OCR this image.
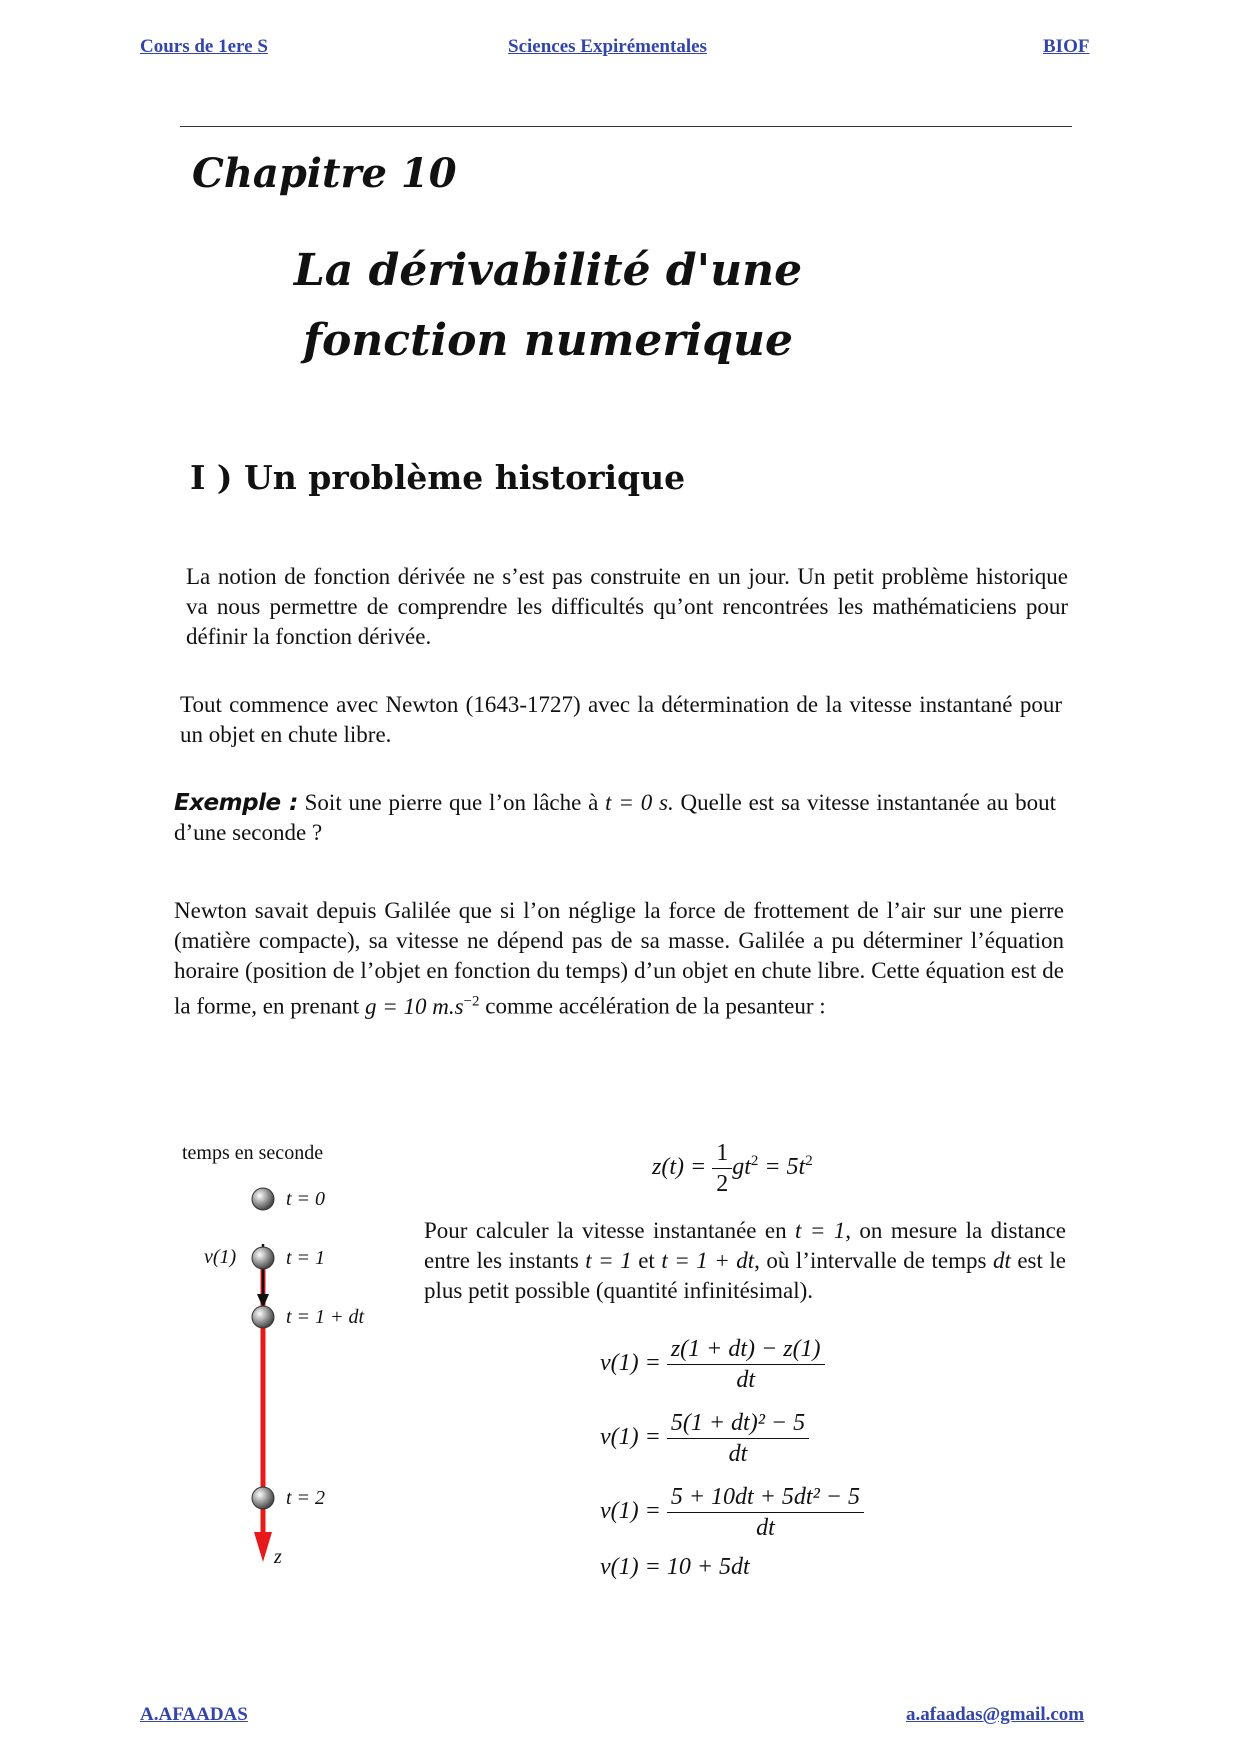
Cours de 1ere S	Sciences Expirémentales	BIOF
Chapitre 10
La dérivabilité d'une
fonction numerique
I ) Un problème historique
La notion de fonction dérivée ne s’est pas construite en un jour. Un petit problème historique va nous permettre de comprendre les difficultés qu’ont rencontrées les mathématiciens pour définir la fonction dérivée.
Tout commence avec Newton (1643-1727) avec la détermination de la vitesse instantané pour un objet en chute libre.
Exemple : Soit une pierre que l’on lâche à t = 0 s. Quelle est sa vitesse instantanée au bout d’une seconde ?
Newton savait depuis Galilée que si l’on néglige la force de frottement de l’air sur une pierre (matière compacte), sa vitesse ne dépend pas de sa masse. Galilée a pu déterminer l’équation horaire (position de l’objet en fonction du temps) d’un objet en chute libre. Cette équation est de la forme, en prenant g = 10 $m.s^{-2}$ comme accélération de la pesanteur :
temps en seconde
v(1)
t = 0
t = 1
t = 1 + dt
t = 2
z
$z(t) = \frac{1}{2} gt^2 = 5t^2$
Pour calculer la vitesse instantanée en t = 1, on mesure la distance entre les instants t = 1 et t = 1 + dt, où l’intervalle de temps dt est le plus petit possible (quantité infinitésimal).
$v(1) = \frac{z(1 + dt) - z(1)}{dt}$
$v(1) = \frac{\text{5(1 + dt)² − 5}}{dt}$
$v(1) = \frac{\text{5 + 10dt + 5dt² − 5}}{dt}$
v(1) = 10 + 5dt
A.AFAADAS	a.afaadas@gmail.com
